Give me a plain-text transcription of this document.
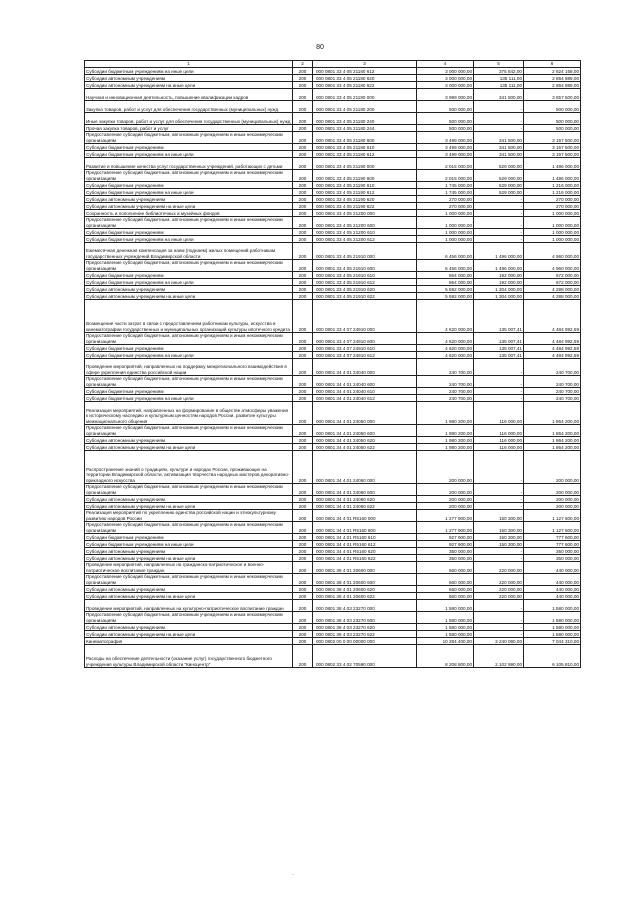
80
1	2	3	4	5	6
Субсидии бюджетным учреждениям на иные цели	200	000 0801 33 4 05 21180 612	3 000 000,00	375 842,00	2 624 158,00
Субсидии автономным учреждениям	200	000 0801 33 4 05 21180 620	3 000 000,00	135 111,00	2 864 889,00
Субсидии автономным учреждениям на иные цели	200	000 0801 33 4 05 21180 622	3 000 000,00	135 111,00	2 864 889,00
Научная и инновационная деятельность, повышение квалификации кадров	200	000 0801 33 4 05 21180 000	3 999 000,00	341 500,00	3 657 500,00
Закупка товаров, работ и услуг для обеспечения государственных (муниципальных) нужд	200	000 0801 33 4 05 21180 200	500 000,00	-	500 000,00
Иные закупки товаров, работ и услуг для обеспечения государственных (муниципальных) нужд	200	000 0801 33 4 05 21180 240	500 000,00	-	500 000,00
Прочая закупка товаров, работ и услуг	200	000 0801 33 4 05 21180 244	500 000,00	-	500 000,00
Предоставление субсидий бюджетным, автономным учреждениям и иным некоммерческим организациям	200	000 0801 33 4 05 21180 600	3 499 000,00	341 500,00	3 157 500,00
Субсидии бюджетным учреждениям	200	000 0801 33 4 05 21180 610	3 499 000,00	341 500,00	3 157 500,00
Субсидии бюджетным учреждениям на иные цели	200	000 0801 33 4 05 21180 612	3 499 000,00	341 500,00	3 157 500,00
Развитие и повышение качества услуг государственных учреждений, работающих с детьми	200	000 0801 33 4 05 21190 000	2 015 000,00	529 000,00	1 486 000,00
Предоставление субсидий бюджетным, автономным учреждениям и иным некоммерческим организациям	200	000 0801 33 4 05 21190 600	2 015 000,00	529 000,00	1 486 000,00
Субсидии бюджетным учреждениям	200	000 0801 33 4 05 21190 610	1 745 000,00	529 000,00	1 216 000,00
Субсидии бюджетным учреждениям на иные цели	200	000 0801 33 4 05 21190 612	1 745 000,00	529 000,00	1 216 000,00
Субсидии автономным учреждениям	200	000 0801 33 4 05 21190 620	270 000,00	-	270 000,00
Субсидии автономным учреждениям на иные цели	200	000 0801 33 4 05 21190 622	270 000,00	-	270 000,00
Сохранность и пополнение библиотечных и музейных фондов	200	000 0801 33 4 05 21200 000	1 000 000,00	-	1 000 000,00
Предоставление субсидий бюджетным, автономным учреждениям и иным некоммерческим организациям	200	000 0801 33 4 05 21200 600	1 000 000,00	-	1 000 000,00
Субсидии бюджетным учреждениям	200	000 0801 33 4 05 21200 610	1 000 000,00	-	1 000 000,00
Субсидии бюджетным учреждениям на иные цели	200	000 0801 33 4 05 21200 612	1 000 000,00	-	1 000 000,00
Ежемесячная денежная компенсация за наем (поднаем) жилых помещений работникам государственных учреждений Владимирской области	200	000 0801 33 4 05 21910 000	6 456 000,00	1 496 000,00	4 960 000,00
Предоставление субсидий бюджетным, автономным учреждениям и иным некоммерческим организациям	200	000 0801 33 4 05 21910 600	6 456 000,00	1 496 000,00	4 960 000,00
Субсидии бюджетным учреждениям	200	000 0801 33 4 05 21910 610	864 000,00	192 000,00	672 000,00
Субсидии бюджетным учреждениям на иные цели	200	000 0801 33 4 05 21910 612	864 000,00	192 000,00	672 000,00
Субсидии автономным учреждениям	200	000 0801 33 4 05 21910 620	5 592 000,00	1 304 000,00	4 288 000,00
Субсидии автономным учреждениям на иные цели	200	000 0801 33 4 05 21910 622	5 592 000,00	1 304 000,00	4 288 000,00
Возмещение части затрат в связи с предоставлением работникам культуры, искусства и кинематографии государственных и муниципальных организаций культуры ипотечного кредита	200	000 0801 33 4 07 24910 000	4 620 000,00	135 007,41	4 484 992,59
Предоставление субсидий бюджетным, автономным учреждениям и иным некоммерческим организациям	200	000 0801 33 4 07 24910 600	4 620 000,00	135 007,41	4 484 992,59
Субсидии бюджетным учреждениям	200	000 0801 33 4 07 24910 610	4 620 000,00	135 007,41	4 484 992,59
Субсидии бюджетным учреждениям на иные цели	200	000 0801 33 4 07 24910 612	4 620 000,00	135 007,41	4 484 992,59
Проведение мероприятий, направленных на поддержку межрегионального взаимодействия в сфере укрепления единства российской нации	200	000 0801 34 4 01 24040 000	240 700,00	-	240 700,00
Предоставление субсидий бюджетным, автономным учреждениям и иным некоммерческим организациям	200	000 0801 34 4 01 24040 600	240 700,00	-	240 700,00
Субсидии бюджетным учреждениям	200	000 0801 34 4 01 24040 610	240 700,00	-	240 700,00
Субсидии бюджетным учреждениям на иные цели	200	000 0801 34 4 01 24040 612	240 700,00	-	240 700,00
Реализация мероприятий, направленных на формирование в обществе атмосферы уважения к историческому наследию и культурным ценностям народов России, развитие культуры межнационального общения	200	000 0801 34 4 01 24050 000	1 980 200,00	116 000,00	1 864 200,00
Предоставление субсидий бюджетным, автономным учреждениям и иным некоммерческим организациям	200	000 0801 34 4 01 24050 600	1 980 200,00	116 000,00	1 864 200,00
Субсидии автономным учреждениям	200	000 0801 34 4 01 24050 620	1 980 200,00	116 000,00	1 864 200,00
Субсидии автономным учреждениям на иные цели	200	000 0801 34 4 01 24050 622	1 980 200,00	116 000,00	1 864 200,00
Распространение знаний о традициях, культуре и народах России, проживающих на территории Владимирской области, активизация творчества народных мастеров декоративно-прикладного искусства	200	000 0801 34 4 01 24060 000	200 000,00	-	200 000,00
Предоставление субсидий бюджетным, автономным учреждениям и иным некоммерческим организациям	200	000 0801 34 4 01 24060 600	200 000,00	-	200 000,00
Субсидии автономным учреждениям	200	000 0801 34 4 01 24060 620	200 000,00	-	200 000,00
Субсидии автономным учреждениям на иные цели	200	000 0801 34 4 01 24060 622	200 000,00	-	200 000,00
Реализация мероприятий по укреплению единства российской нации и этнокультурному развитию народов России	200	000 0801 34 4 01 R5160 000	1 277 900,00	150 300,00	1 127 600,00
Предоставление субсидий бюджетным, автономным учреждениям и иным некоммерческим организациям	200	000 0801 34 4 01 R5160 600	1 277 900,00	150 300,00	1 127 600,00
Субсидии бюджетным учреждениям	200	000 0801 34 4 01 R5160 610	927 900,00	150 300,00	777 600,00
Субсидии бюджетным учреждениям на иные цели	200	000 0801 34 4 01 R5160 612	927 900,00	150 300,00	777 600,00
Субсидии автономным учреждениям	200	000 0801 34 4 01 R5160 620	350 000,00	-	350 000,00
Субсидии автономным учреждениям на иные цели	200	000 0801 34 4 01 R5160 622	350 000,00	-	350 000,00
Проведение мероприятий, направленных на гражданско-патриотическое и военно-патриотическое воспитание граждан	200	000 0801 38 4 01 20600 000	660 000,00	220 000,00	440 000,00
Предоставление субсидий бюджетным, автономным учреждениям и иным некоммерческим организациям	200	000 0801 38 4 01 20600 600	660 000,00	220 000,00	440 000,00
Субсидии автономным учреждениям	200	000 0801 38 4 01 20600 620	660 000,00	220 000,00	440 000,00
Субсидии автономным учреждениям на иные цели	200	000 0801 38 4 01 20600 622	660 000,00	220 000,00	440 000,00
Проведение мероприятий, направленных на культурно-патриотическое воспитание граждан	200	000 0801 38 4 03 23270 000	1 580 000,00	-	1 580 000,00
Предоставление субсидий бюджетным, автономным учреждениям и иным некоммерческим организациям	200	000 0801 38 4 03 23270 600	1 580 000,00	-	1 580 000,00
Субсидии автономным учреждениям	200	000 0801 38 4 03 23270 620	1 580 000,00	-	1 580 000,00
Субсидии автономным учреждениям на иные цели	200	000 0801 38 4 03 23270 622	1 580 000,00	-	1 580 000,00
Кинематография	200	000 0802 00 0 00 00000 000	10 284 400,00	3 240 090,00	7 044 310,00
Расходы на обеспечение деятельности (оказание услуг) государственного бюджетного учреждения культуры Владимирской области "Киноцентр"	200	000 0802 33 4 02 70590 000	8 208 800,00	2 102 990,00	6 105 810,00
·
